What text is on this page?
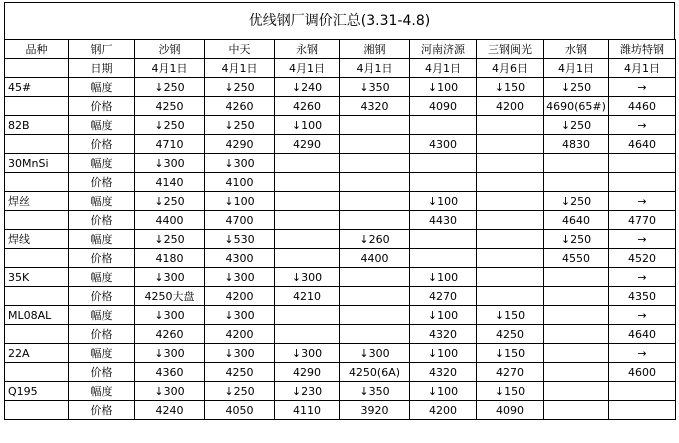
优线钢厂调价汇总(3.31-4.8)
品种	钢厂	沙钢	中天	永钢	湘钢	河南济源	三钢闽光	水钢	潍坊特钢
	日期	4月1日	4月1日	4月1日	4月1日	4月1日	4月6日	4月1日	4月1日
45#	幅度	↓250	↓250	↓240	↓350	↓100	↓150	↓250	→
	价格	4250	4260	4260	4320	4090	4200	4690(65#)	4460
82B	幅度	↓250	↓250	↓100				↓250	→
	价格	4710	4290	4290		4300		4830	4640
30MnSi	幅度	↓300	↓300						
	价格	4140	4100						
焊丝	幅度	↓250	↓100			↓100		↓250	→
	价格	4400	4700			4430		4640	4770
焊线	幅度	↓250	↓530		↓260			↓250	→
	价格	4180	4300		4400			4550	4520
35K	幅度	↓300	↓300	↓300		↓100			→
	价格	4250大盘	4200	4210		4270			4350
ML08AL	幅度	↓300	↓300			↓100	↓150		→
	价格	4260	4200			4320	4250		4640
22A	幅度	↓300	↓300	↓300	↓300	↓100	↓150		→
	价格	4360	4250	4290	4250(6A)	4320	4270		4600
Q195	幅度	↓300	↓250	↓230	↓350	↓100	↓150		
	价格	4240	4050	4110	3920	4200	4090		
